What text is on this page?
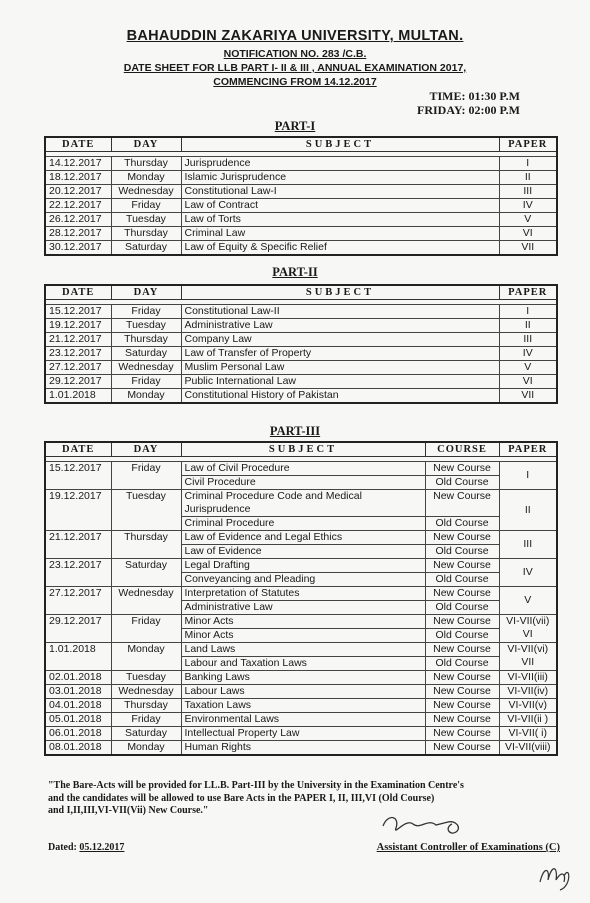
BAHAUDDIN ZAKARIYA UNIVERSITY, MULTAN.
NOTIFICATION NO. 283 /C.B.
DATE SHEET FOR LLB PART I- II & III , ANNUAL EXAMINATION 2017,
COMMENCING FROM 14.12.2017
TIME: 01:30 P.M
FRIDAY: 02:00 P.M
PART-I
DATE	DAY	SUBJECT	PAPER

14.12.2017	Thursday	Jurisprudence	I
18.12.2017	Monday	Islamic Jurisprudence	II
20.12.2017	Wednesday	Constitutional Law-I	III
22.12.2017	Friday	Law of Contract	IV
26.12.2017	Tuesday	Law of Torts	V
28.12.2017	Thursday	Criminal Law	VI
30.12.2017	Saturday	Law of Equity & Specific Relief	VII
PART-II
DATE	DAY	SUBJECT	PAPER

15.12.2017	Friday	Constitutional Law-II	I
19.12.2017	Tuesday	Administrative Law	II
21.12.2017	Thursday	Company Law	III
23.12.2017	Saturday	Law of Transfer of Property	IV
27.12.2017	Wednesday	Muslim Personal Law	V
29.12.2017	Friday	Public International Law	VI
1.01.2018	Monday	Constitutional History of Pakistan	VII
PART-III
DATE	DAY	SUBJECT	COURSE	PAPER

15.12.2017	Friday	Law of Civil Procedure	New Course	I

		Civil Procedure	Old Course	
19.12.2017	Tuesday	Criminal Procedure Code and Medical Jurisprudence	New Course	II

		Criminal Procedure	Old Course	
21.12.2017	Thursday	Law of Evidence and Legal Ethics	New Course	III

		Law of Evidence	Old Course	
23.12.2017	Saturday	Legal Drafting	New Course	IV

		Conveyancing and Pleading	Old Course	
27.12.2017	Wednesday	Interpretation of Statutes	New Course	V

		Administrative Law	Old Course	
29.12.2017	Friday	Minor Acts	New Course	VI-VII(vii)
VI

		Minor Acts	Old Course	
1.01.2018	Monday	Land Laws	New Course	VI-VII(vi)
VII

		Labour and Taxation Laws	Old Course	
02.01.2018	Tuesday	Banking Laws	New Course	VI-VII(iii)

03.01.2018	Wednesday	Labour Laws	New Course	VI-VII(iv)

04.01.2018	Thursday	Taxation Laws	New Course	VI-VII(v)

05.01.2018	Friday	Environmental Laws	New Course	VI-VII(ii )

06.01.2018	Saturday	Intellectual Property Law	New Course	VI-VII( i)

08.01.2018	Monday	Human Rights	New Course	VI-VII(viii)
"The Bare-Acts will be provided for LL.B. Part-III by the University in the Examination Centre's
and the candidates will be allowed to use Bare Acts in the PAPER I, II, III,VI (Old Course)
and I,II,III,VI-VII(Vii) New Course."
Dated: 05.12.2017	Assistant Controller of Examinations (C)
